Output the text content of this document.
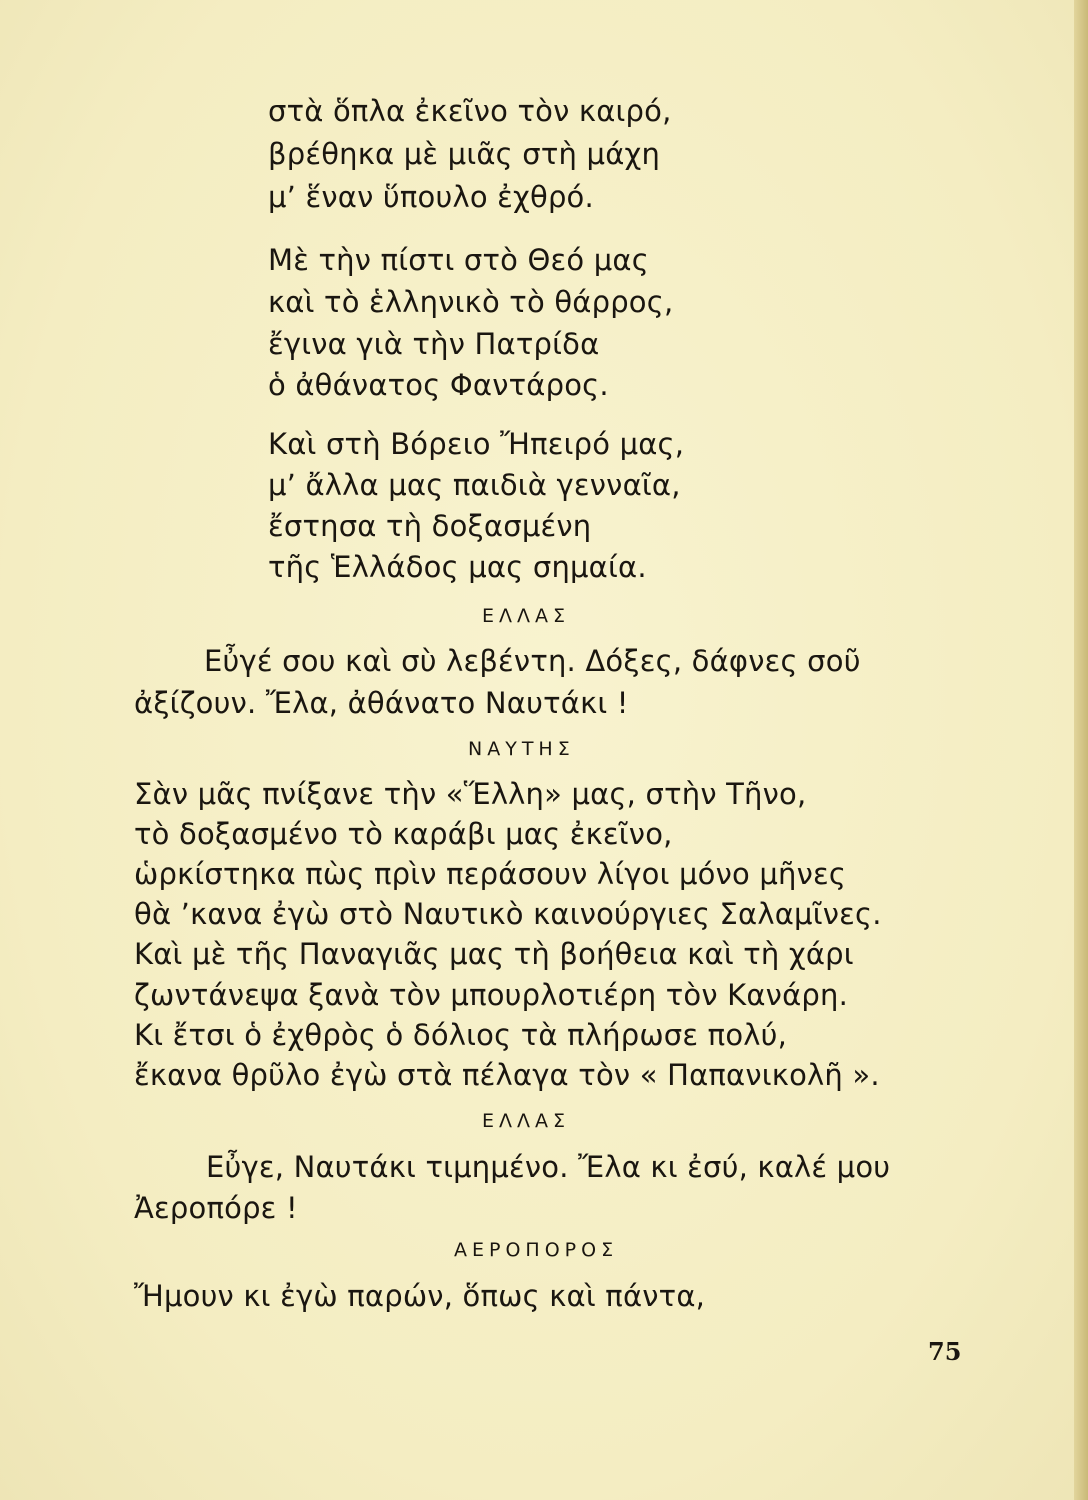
στὰ ὅπλα ἐκεῖνο τὸν καιρό,
βρέθηκα μὲ μιᾶς στὴ μάχη
μ’ ἕναν ὕπουλο ἐχθρό.
Μὲ τὴν πίστι στὸ Θεό μας
καὶ τὸ ἑλληνικὸ τὸ θάρρος,
ἔγινα γιὰ τὴν Πατρίδα
ὁ ἀθάνατος Φαντάρος.
Καὶ στὴ Βόρειο Ἤπειρό μας,
μ’ ἄλλα μας παιδιὰ γενναῖα,
ἔστησα τὴ δοξασμένη
τῆς Ἑλλάδος μας σημαία.
ΕΛΛΑΣ
Εὖγέ σου καὶ σὺ λεβέντη. Δόξες, δάφνες σοῦ
ἀξίζουν. Ἔλα, ἀθάνατο Ναυτάκι !
ΝΑΥΤΗΣ
Σὰν μᾶς πνίξανε τὴν «Ἕλλη» μας, στὴν Τῆνο,
τὸ δοξασμένο τὸ καράβι μας ἐκεῖνο,
ὡρκίστηκα πὼς πρὶν περάσουν λίγοι μόνο μῆνες
θὰ ’κανα ἐγὼ στὸ Ναυτικὸ καινούργιες Σαλαμῖνες.
Καὶ μὲ τῆς Παναγιᾶς μας τὴ βοήθεια καὶ τὴ χάρι
ζωντάνεψα ξανὰ τὸν μπουρλοτιέρη τὸν Κανάρη.
Κι ἔτσι ὁ ἐχθρὸς ὁ δόλιος τὰ πλήρωσε πολύ,
ἔκανα θρῦλο ἐγὼ στὰ πέλαγα τὸν « Παπανικολῆ ».
ΕΛΛΑΣ
Εὖγε, Ναυτάκι τιμημένο. Ἔλα κι ἐσύ, καλέ μου
Ἀεροπόρε !
ΑΕΡΟΠΟΡΟΣ
Ἤμουν κι ἐγὼ παρών, ὅπως καὶ πάντα,
75
